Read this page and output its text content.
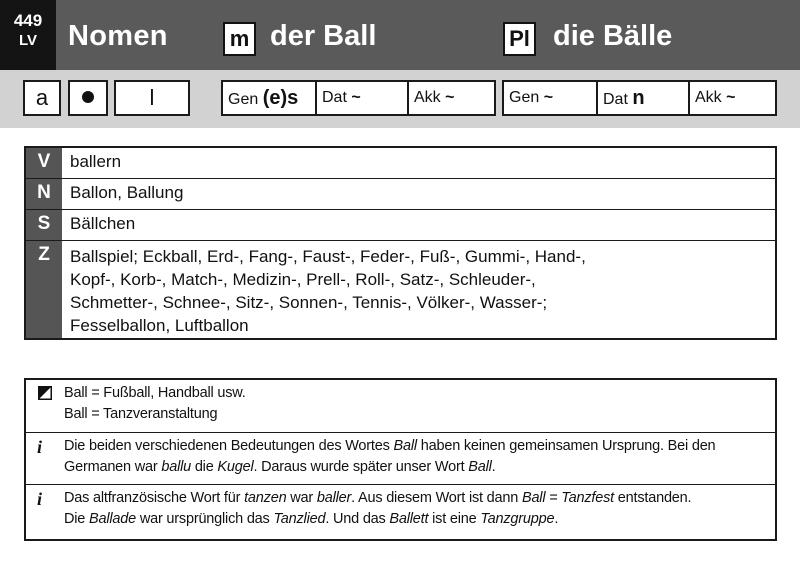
449
LV	Nomen	m der Ball	Pl die Bälle
a	l	Gen (e)s	Dat ~	Akk ~	Gen ~	Dat n	Akk ~
V	ballern
N	Ballon, Ballung
S	Bällchen
Z	Ballspiel; Eckball, Erd-, Fang-, Faust-, Feder-, Fuß-, Gummi-, Hand-,
Kopf-, Korb-, Match-, Medizin-, Prell-, Roll-, Satz-, Schleuder-,
Schmetter-, Schnee-, Sitz-, Sonnen-, Tennis-, Völker-, Wasser-;
Fesselballon, Luftballon
Ball = Fußball, Handball usw.
Ball = Tanzveranstaltung
i Die beiden verschiedenen Bedeutungen des Wortes Ball haben keinen gemeinsamen Ursprung. Bei den
Germanen war ballu die Kugel. Daraus wurde später unser Wort Ball.
i Das altfranzösische Wort für tanzen war baller. Aus diesem Wort ist dann Ball = Tanzfest entstanden.
Die Ballade war ursprünglich das Tanzlied. Und das Ballett ist eine Tanzgruppe.
